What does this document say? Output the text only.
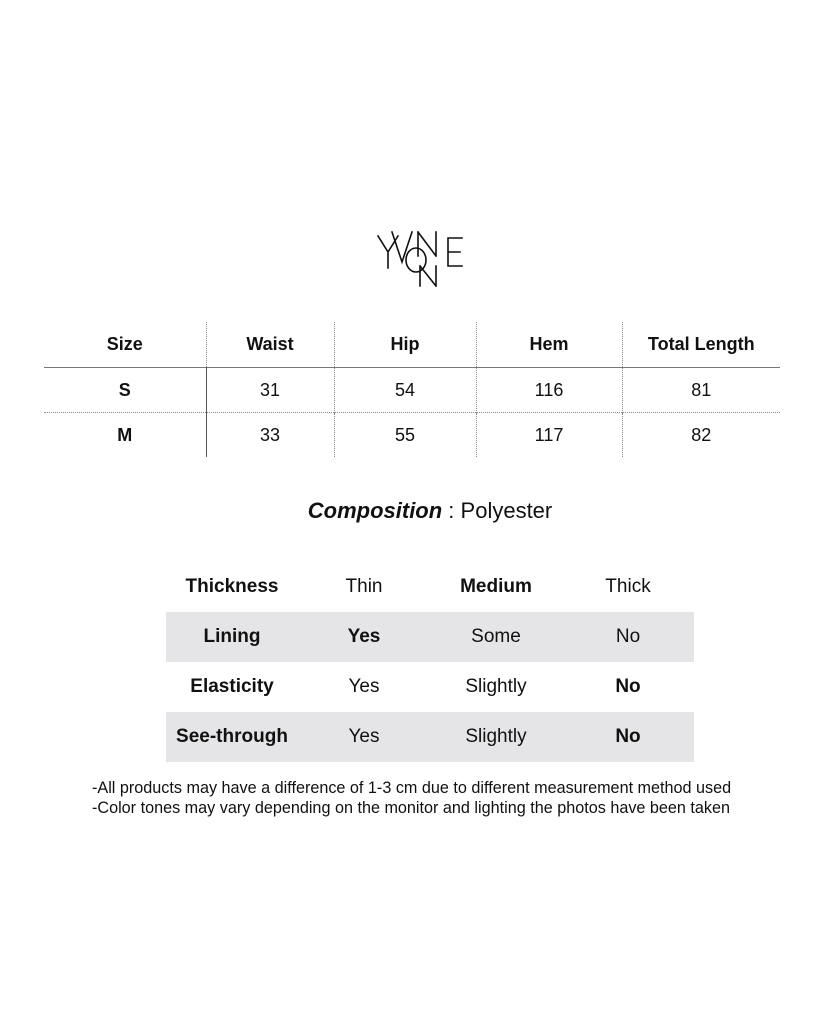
Size	Waist	Hip	Hem	Total Length
S	31	54	116	81
M	33	55	117	82
Composition : Polyester
Thickness	Thin	Medium	Thick
Lining	Yes	Some	No
Elasticity	Yes	Slightly	No
See-through	Yes	Slightly	No
-All products may have a difference of 1-3 cm due to different measurement method used
-Color tones may vary depending on the monitor and lighting the photos have been taken
